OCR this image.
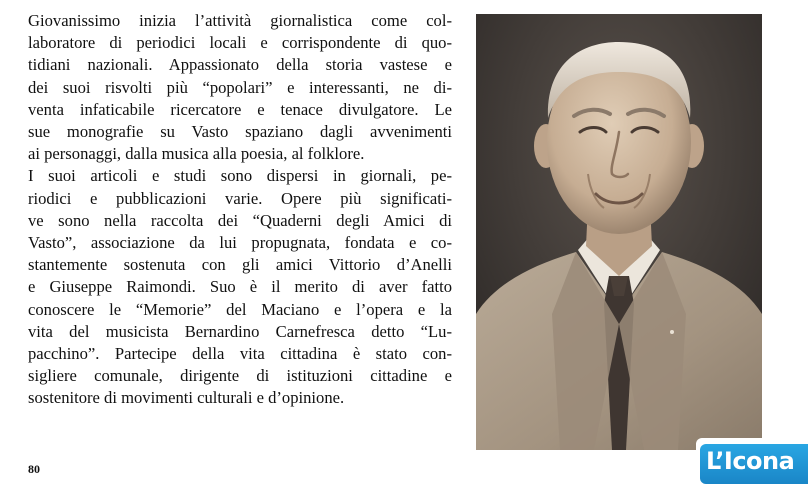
Giovanissimo inizia l’attività giornalistica come col-
laboratore di periodici locali e corrispondente di quo-
tidiani nazionali. Appassionato della storia vastese e
dei suoi risvolti più “popolari” e interessanti, ne di-
venta infaticabile ricercatore e tenace divulgatore. Le
sue monografie su Vasto spaziano dagli avvenimenti
ai personaggi, dalla musica alla poesia, al folklore.

I suoi articoli e studi sono dispersi in giornali, pe-
riodici e pubblicazioni varie. Opere più significati-
ve sono nella raccolta dei “Quaderni degli Amici di
Vasto”, associazione da lui propugnata, fondata e co-
stantemente sostenuta con gli amici Vittorio d’Anelli
e Giuseppe Raimondi. Suo è il merito di aver fatto
conoscere le “Memorie” del Maciano e l’opera e la
vita del musicista Bernardino Carnefresca detto “Lu-
pacchino”. Partecipe della vita cittadina è stato con-
sigliere comunale, dirigente di istituzioni cittadine e
sostenitore di movimenti culturali e d’opinione.

80	L’Icona
